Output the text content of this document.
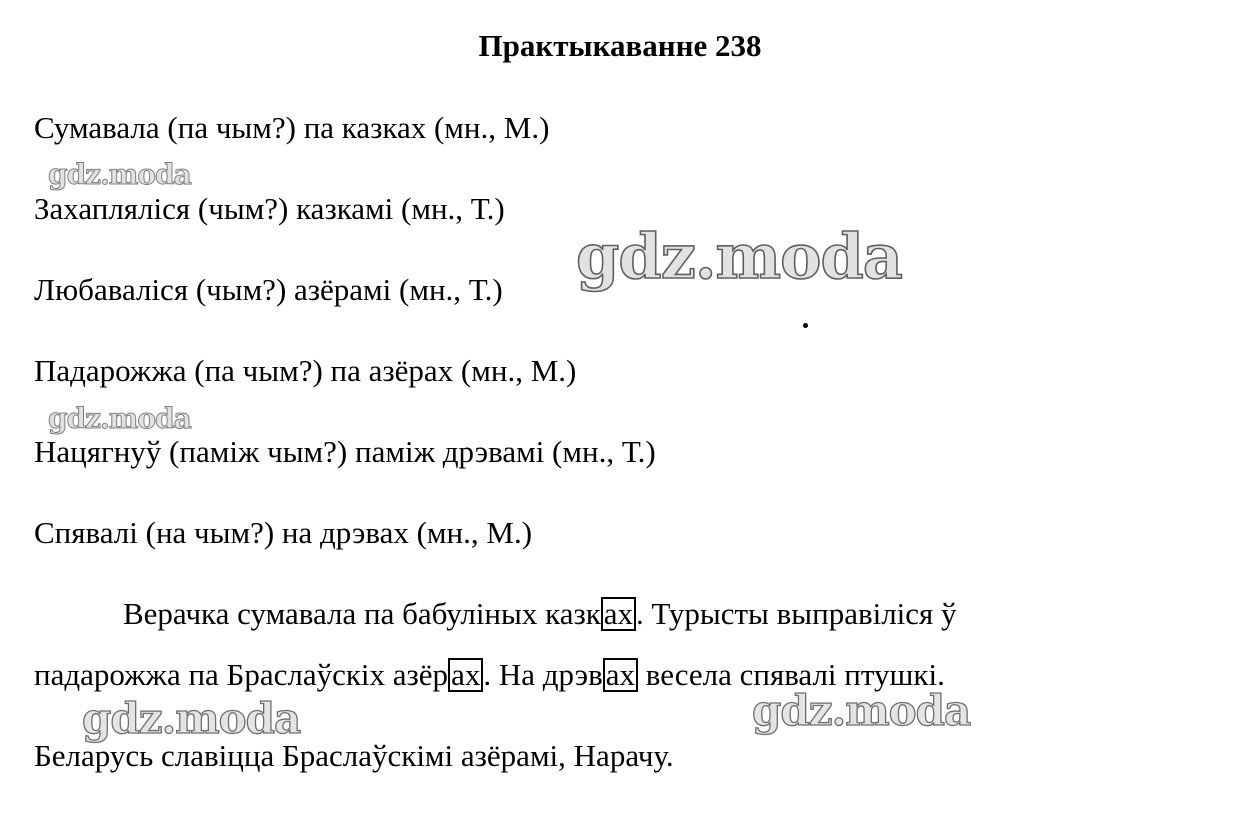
Практыкаванне 238
Сумавала (па чым?) па казках (мн., М.)
Захапляліся (чым?) казкамі (мн., Т.)
Любаваліся (чым?) азёрамі (мн., Т.)
Падарожжа (па чым?) па азёрах (мн., М.)
Нацягнуў (паміж чым?) паміж дрэвамі (мн., Т.)
Спявалі (на чым?) на дрэвах (мн., М.)
Верачка сумавала па бабуліных казках. Турысты выправіліся ў
падарожжа па Браслаўскіх азёрах. На дрэвах весела спявалі птушкі.
Беларусь славіцца Браслаўскімі азёрамі, Нарачу.
gdz.moda
gdz.moda
gdz.moda
gdz.moda	gdz.moda
